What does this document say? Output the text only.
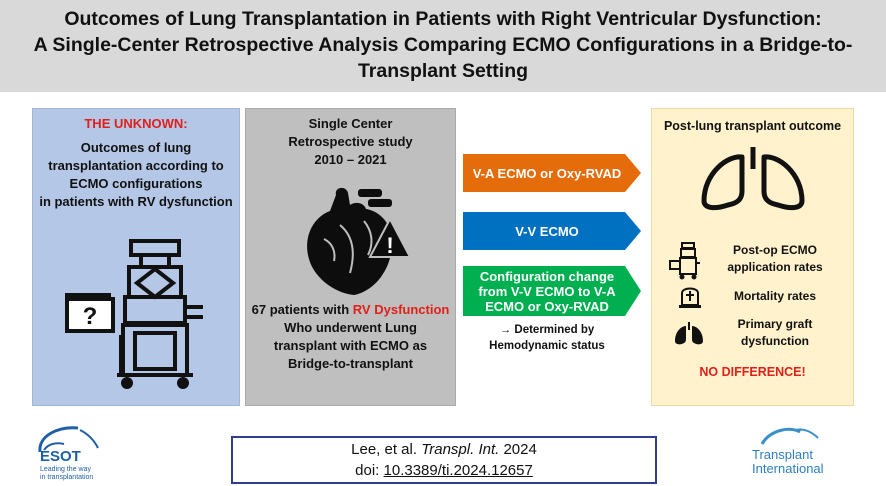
Outcomes of Lung Transplantation in Patients with Right Ventricular Dysfunction:
A Single-Center Retrospective Analysis Comparing ECMO Configurations in a Bridge-to-
Transplant Setting
THE UNKNOWN:
Outcomes of lung
transplantation according to
ECMO configurations
in patients with RV dysfunction
?
Single Center
Retrospective study
2010 – 2021
!
67 patients with RV Dysfunction
Who underwent Lung
transplant with ECMO as
Bridge-to-transplant
V-A ECMO or Oxy-RVAD
V-V ECMO
Configuration change
from V-V ECMO to V-A
ECMO or Oxy-RVAD
→ Determined by
Hemodynamic status
Post-lung transplant outcome
Post-op ECMO
application rates
Mortality rates
Primary graft
dysfunction
NO DIFFERENCE!
ESOT
Leading the way
in transplantation
Lee, et al. Transpl. Int. 2024
doi: 10.3389/ti.2024.12657
Transplant
International
